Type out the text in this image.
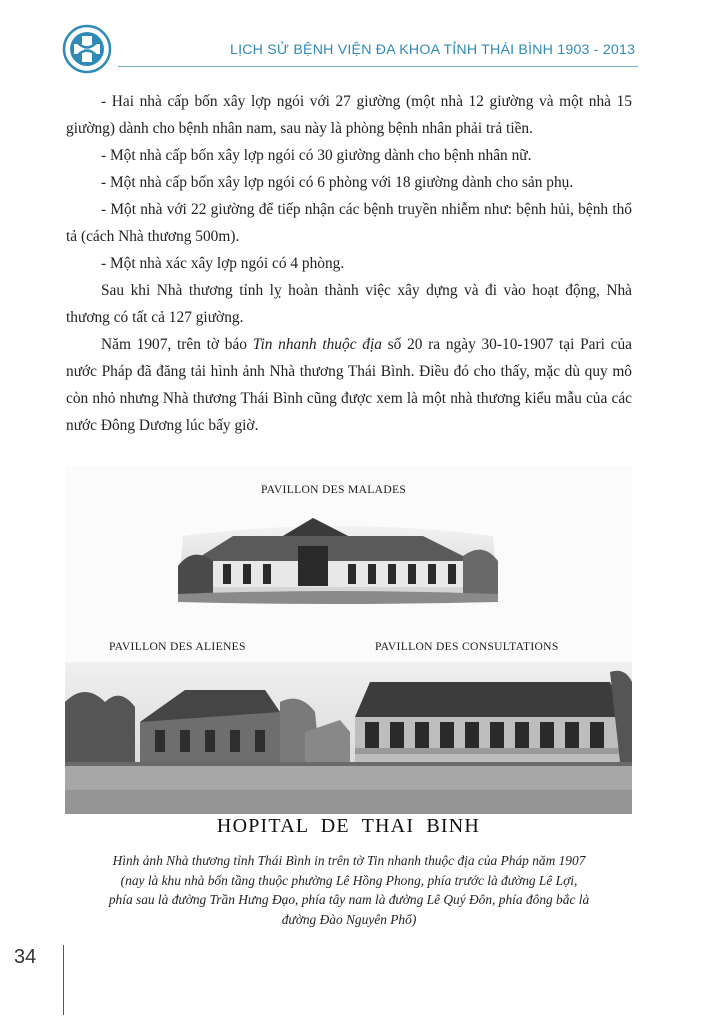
LỊCH SỬ BỆNH VIỆN ĐA KHOA TỈNH THÁI BÌNH 1903 - 2013

- Hai nhà cấp bốn xây lợp ngói với 27 giường (một nhà 12 giường và một nhà 15 giường) dành cho bệnh nhân nam, sau này là phòng bệnh nhân phải trả tiền.

- Một nhà cấp bốn xây lợp ngói có 30 giường dành cho bệnh nhân nữ.

- Một nhà cấp bốn xây lợp ngói có 6 phòng với 18 giường dành cho sản phụ.

- Một nhà với 22 giường để tiếp nhận các bệnh truyền nhiễm như: bệnh hủi, bệnh thổ tả (cách Nhà thương 500m).

- Một nhà xác xây lợp ngói có 4 phòng.

Sau khi Nhà thương tỉnh lỵ hoàn thành việc xây dựng và đi vào hoạt động, Nhà thương có tất cả 127 giường.

Năm 1907, trên tờ báo Tin nhanh thuộc địa số 20 ra ngày 30-10-1907 tại Pari của nước Pháp đã đăng tải hình ảnh Nhà thương Thái Bình. Điều đó cho thấy, mặc dù quy mô còn nhỏ nhưng Nhà thương Thái Bình cũng được xem là một nhà thương kiểu mẫu của các nước Đông Dương lúc bấy giờ.

PAVILLON DES MALADES
PAVILLON DES ALIENES	PAVILLON DES CONSULTATIONS
HOPITAL DE THAI BINH
Hình ảnh Nhà thương tỉnh Thái Bình in trên tờ Tin nhanh thuộc địa của Pháp năm 1907
(nay là khu nhà bốn tầng thuộc phường Lê Hồng Phong, phía trước là đường Lê Lợi,
phía sau là đường Trần Hưng Đạo, phía tây nam là đường Lê Quý Đôn, phía đông bắc là
đường Đào Nguyên Phổ)
34
